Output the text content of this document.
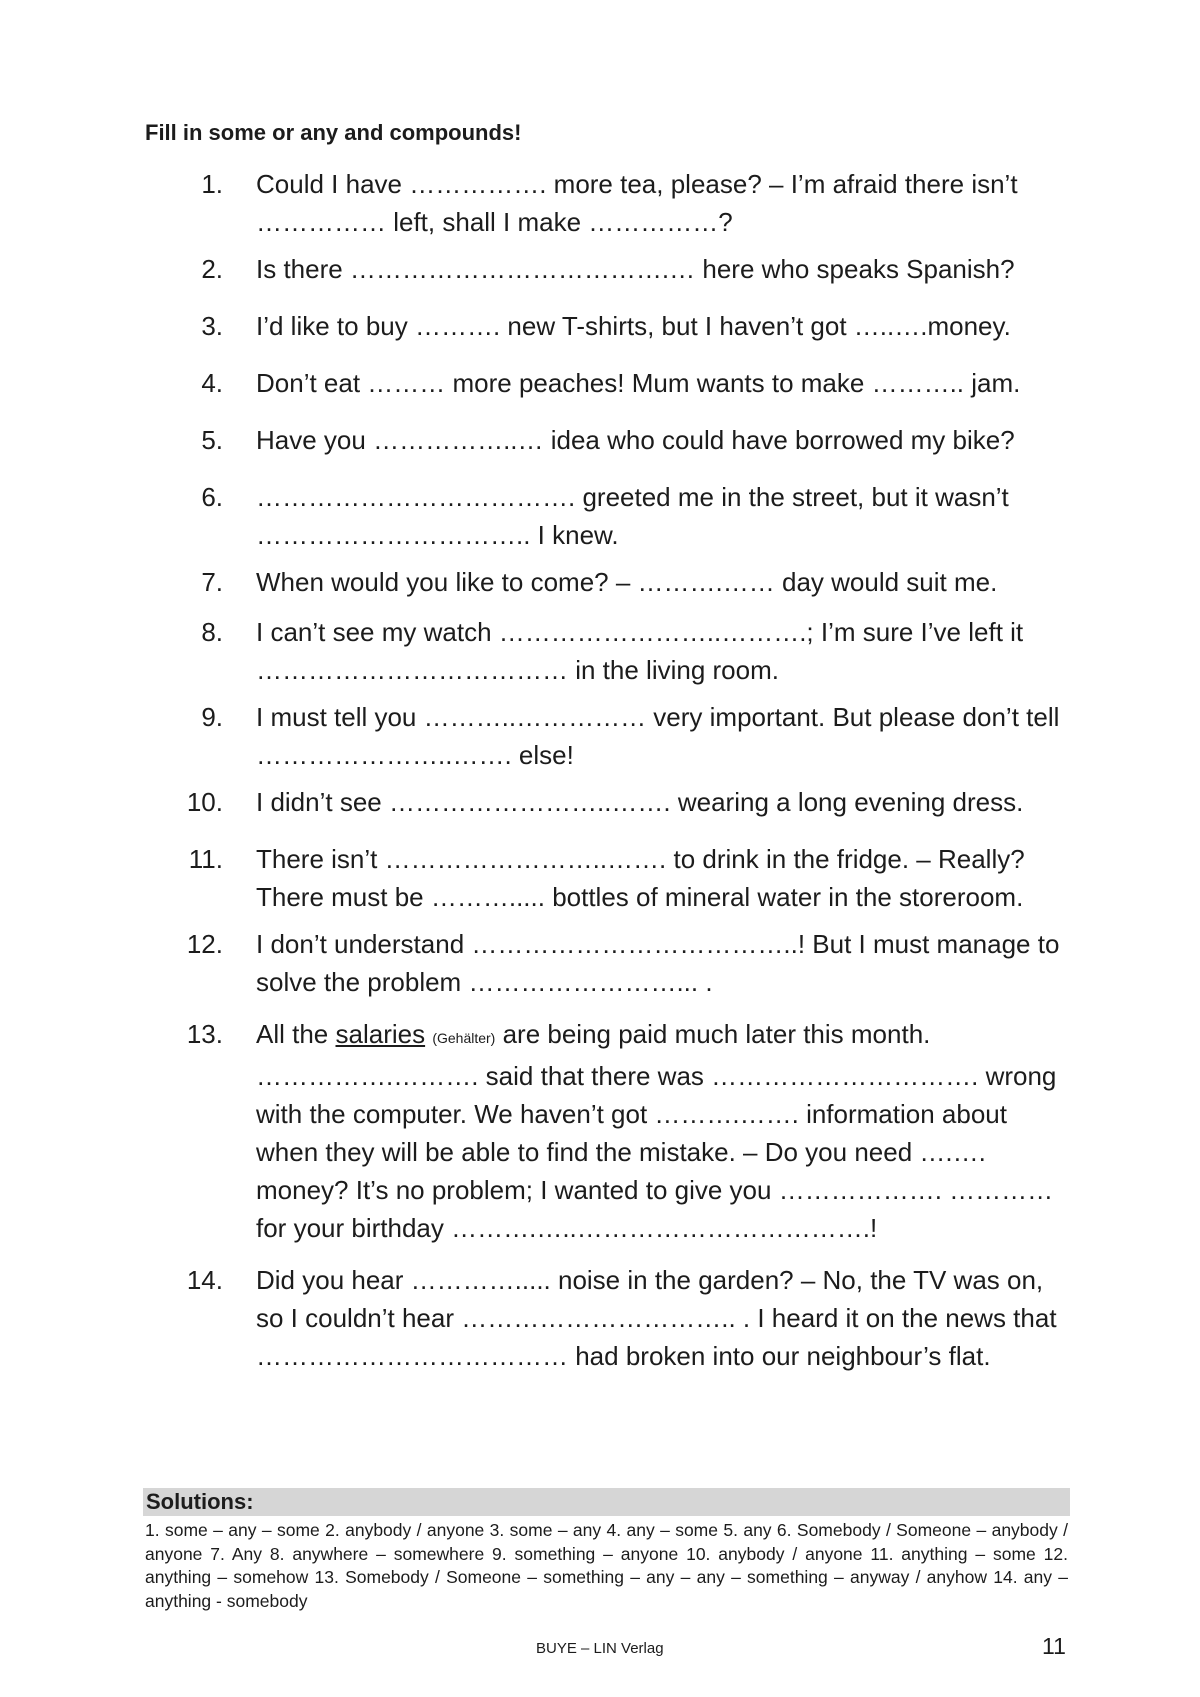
Fill in some or any and compounds!
1.	Could I have ……………. more tea, please? – I’m afraid there isn’t …………… left, shall I make ……………?
2.	Is there ……………………………….… here who speaks Spanish?
3.	I’d like to buy ………. new T-shirts, but I haven’t got …..….money.
4.	Don’t eat ……… more peaches! Mum wants to make ……….. jam.
5.	Have you ……………..… idea who could have borrowed my bike?
6.	………………………………. greeted me in the street, but it wasn’t ………………………….. I knew.
7.	When would you like to come? – ……….…… day would suit me.
8.	I can’t see my watch ……………………..……….; I’m sure I’ve left it ……………………………… in the living room.
9.	I must tell you ………..…………… very important. But please don’t tell …………………..……. else!
10.	I didn’t see ……………………..……. wearing a long evening dress.
11.	There isn’t ……………………..……. to drink in the fridge. – Really? There must be ………..... bottles of mineral water in the storeroom.
12.	I don’t understand ………………………………..! But I must manage to solve the problem ……………………... .
13.	All the salaries (Gehälter) are being paid much later this month. …………….………. said that there was …………………………. wrong with the computer. We haven’t got ……….……. information about when they will be able to find the mistake. – Do you need ….…. money? It’s no problem; I wanted to give you ………………. ………… for your birthday ……….…..…………………………….!
14.	Did you hear …………..... noise in the garden? – No, the TV was on, so I couldn’t hear ………………………….. . I heard it on the news that ……………………………… had broken into our neighbour’s flat.
Solutions:
1. some – any – some 2. anybody / anyone 3. some – any 4. any – some 5. any 6. Somebody / Someone – anybody / anyone 7. Any 8. anywhere – somewhere 9. something – anyone 10. anybody / anyone 11. anything – some 12. anything – somehow 13. Somebody / Someone – something – any – any – something – anyway / anyhow 14. any – anything - somebody
BUYE – LIN Verlag	11
